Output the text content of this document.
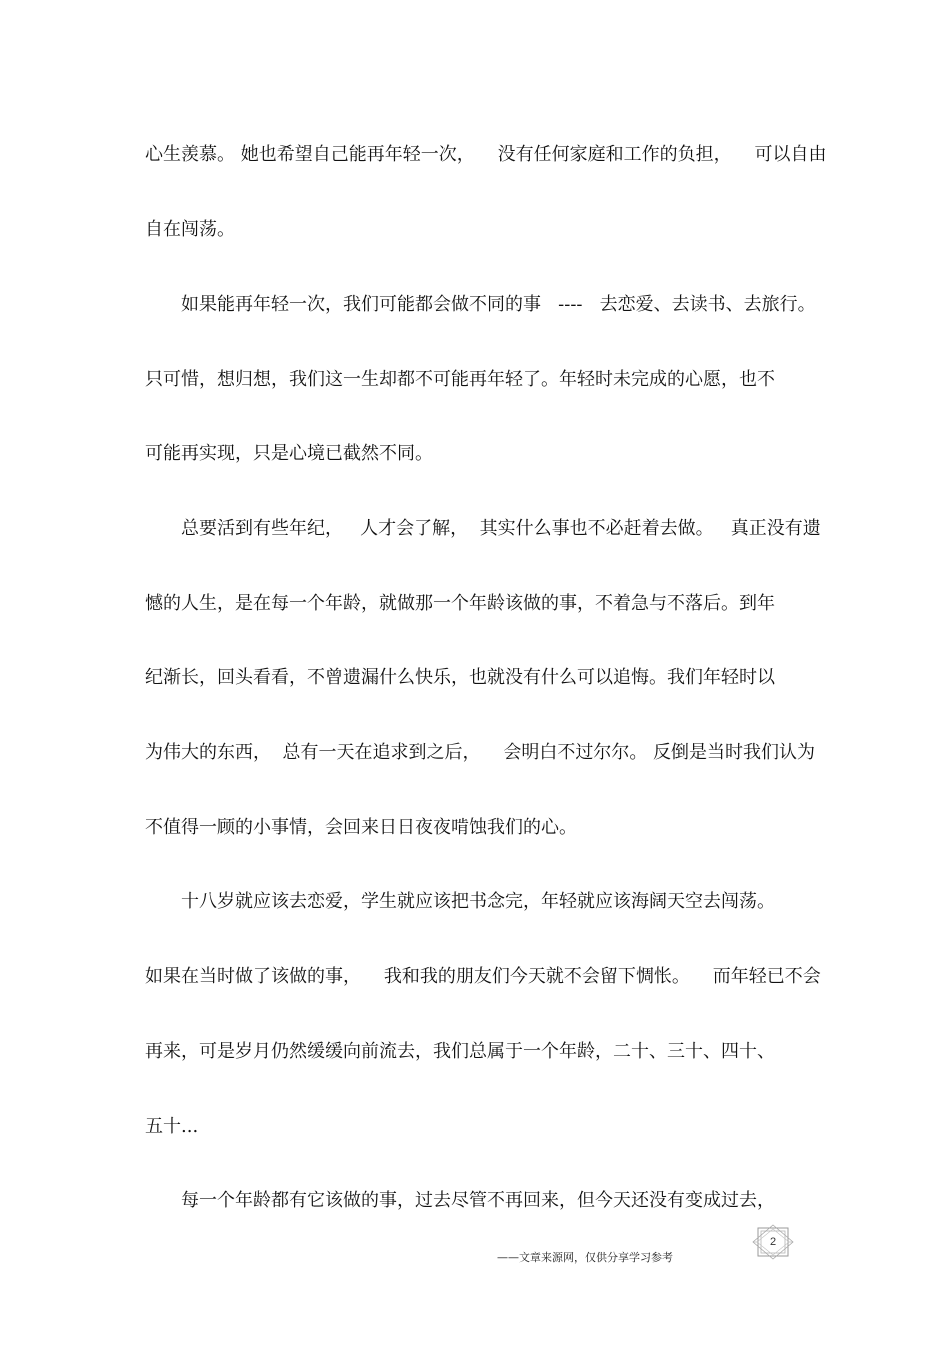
心生羡慕。 她也希望自己能再年轻一次，    没有任何家庭和工作的负担，    可以自由
自在闯荡。
如果能再年轻一次，我们可能都会做不同的事   ----   去恋爱、去读书、去旅行。
只可惜，想归想，我们这一生却都不可能再年轻了。年轻时未完成的心愿，也不
可能再实现，只是心境已截然不同。
总要活到有些年纪，   人才会了解，  其实什么事也不必赶着去做。   真正没有遗
憾的人生，是在每一个年龄，就做那一个年龄该做的事，不着急与不落后。到年
纪渐长，回头看看，不曾遗漏什么快乐，也就没有什么可以追悔。我们年轻时以
为伟大的东西，  总有一天在追求到之后，    会明白不过尔尔。 反倒是当时我们认为
不值得一顾的小事情，会回来日日夜夜啃蚀我们的心。
十八岁就应该去恋爱，学生就应该把书念完，年轻就应该海阔天空去闯荡。
如果在当时做了该做的事，    我和我的朋友们今天就不会留下惆怅。    而年轻已不会
再来，可是岁月仍然缓缓向前流去，我们总属于一个年龄，二十、三十、四十、
五十...
每一个年龄都有它该做的事，过去尽管不再回来，但今天还没有变成过去，
——文章来源网，仅供分享学习参考
2
